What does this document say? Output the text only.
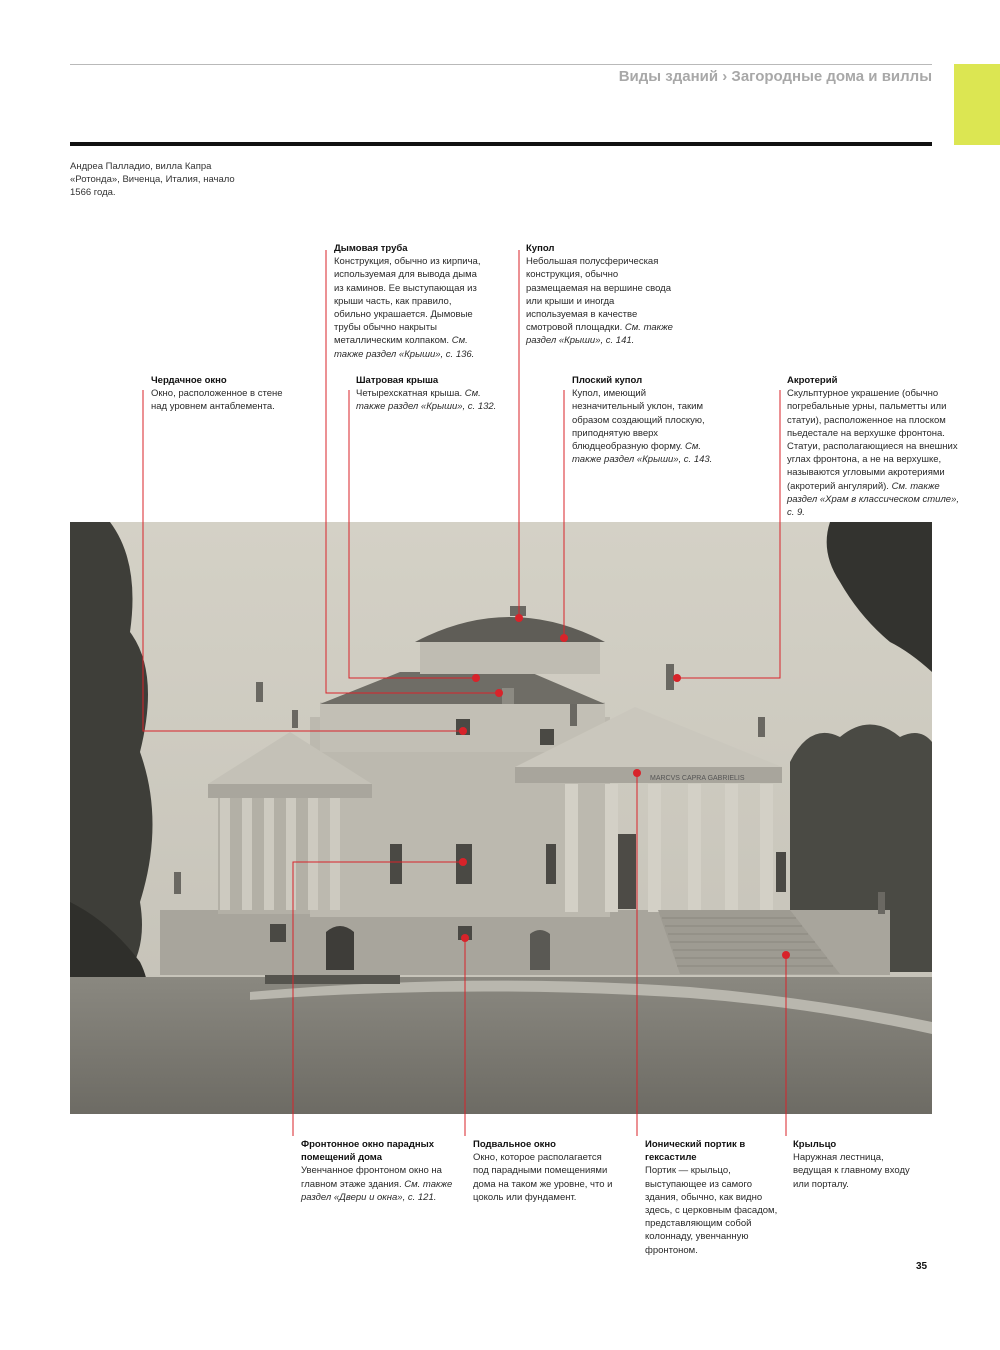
Виды зданий › Загородные дома и виллы
Андреа Палладио, вилла Капра «Ротонда», Виченца, Италия, начало 1566 года.
MARCVS CAPRA GABRIELIS
Дымовая труба
Конструкция, обычно из кирпича, используемая для вывода дыма из каминов. Ее выступающая из крыши часть, как правило, обильно украшается. Дымовые трубы обычно накрыты металлическим колпаком. См. также раздел «Крыши», с. 136.
Купол
Небольшая полусферическая конструкция, обычно размещаемая на вершине свода или крыши и иногда используемая в качестве смотровой площадки. См. также раздел «Крыши», с. 141.
Чердачное окно
Окно, расположенное в стене над уровнем антаблемента.
Шатровая крыша
Четырехскатная крыша. См. также раздел «Крыши», с. 132.
Плоский купол
Купол, имеющий незначительный уклон, таким образом создающий плоскую, приподнятую вверх блюдцеобразную форму. См. также раздел «Крыши», с. 143.
Акротерий
Скульптурное украшение (обычно погребальные урны, пальметты или статуи), расположенное на плоском пьедестале на верхушке фронтона. Статуи, располагающиеся на внешних углах фронтона, а не на верхушке, называются угловыми акротериями (акротерий ангулярий). См. также раздел «Храм в классическом стиле», с. 9.
Фронтонное окно парадных помещений дома
Увенчанное фронтоном окно на главном этаже здания. См. также раздел «Двери и окна», с. 121.
Подвальное окно
Окно, которое располагается под парадными помещениями дома на таком же уровне, что и цоколь или фундамент.
Ионический портик в гексастиле
Портик — крыльцо, выступающее из самого здания, обычно, как видно здесь, с церковным фасадом, представляющим собой колоннаду, увенчанную фронтоном.
Крыльцо
Наружная лестница, ведущая к главному входу или порталу.
35
